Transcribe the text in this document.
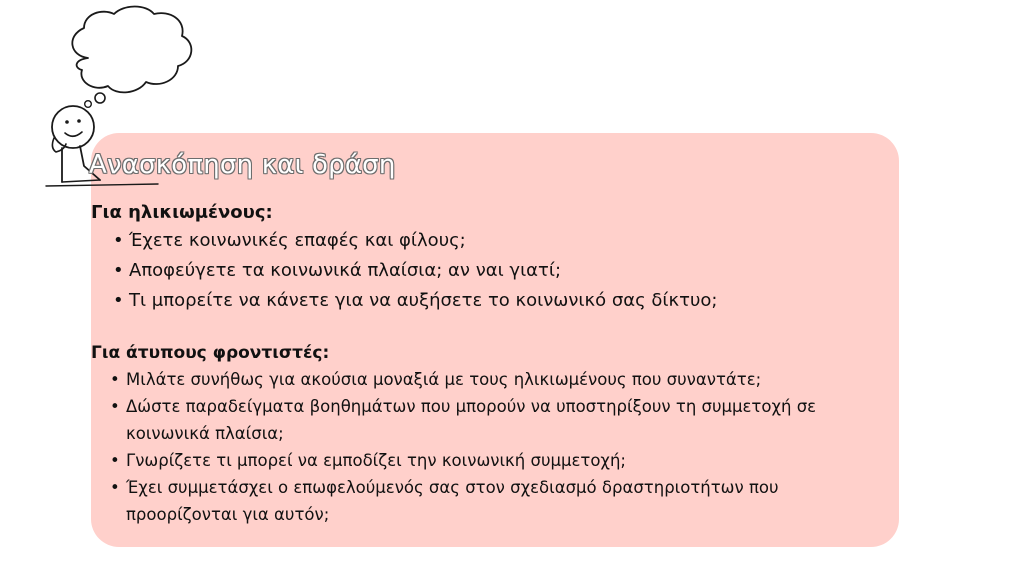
Ανασκόπηση και δράση

Για ηλικιωμένους:

• Έχετε κοινωνικές επαφές και φίλους;
• Αποφεύγετε τα κοινωνικά πλαίσια; αν ναι γιατί;
• Τι μπορείτε να κάνετε για να αυξήσετε το κοινωνικό σας δίκτυο;

Για άτυπους φροντιστές:

• Μιλάτε συνήθως για ακούσια μοναξιά με τους ηλικιωμένους που συναντάτε;
• Δώστε παραδείγματα βοηθημάτων που μπορούν να υποστηρίξουν τη συμμετοχή σε κοινωνικά πλαίσια;
• Γνωρίζετε τι μπορεί να εμποδίζει την κοινωνική συμμετοχή;
• Έχει συμμετάσχει ο επωφελούμενός σας στον σχεδιασμό δραστηριοτήτων που προορίζονται για αυτόν;
